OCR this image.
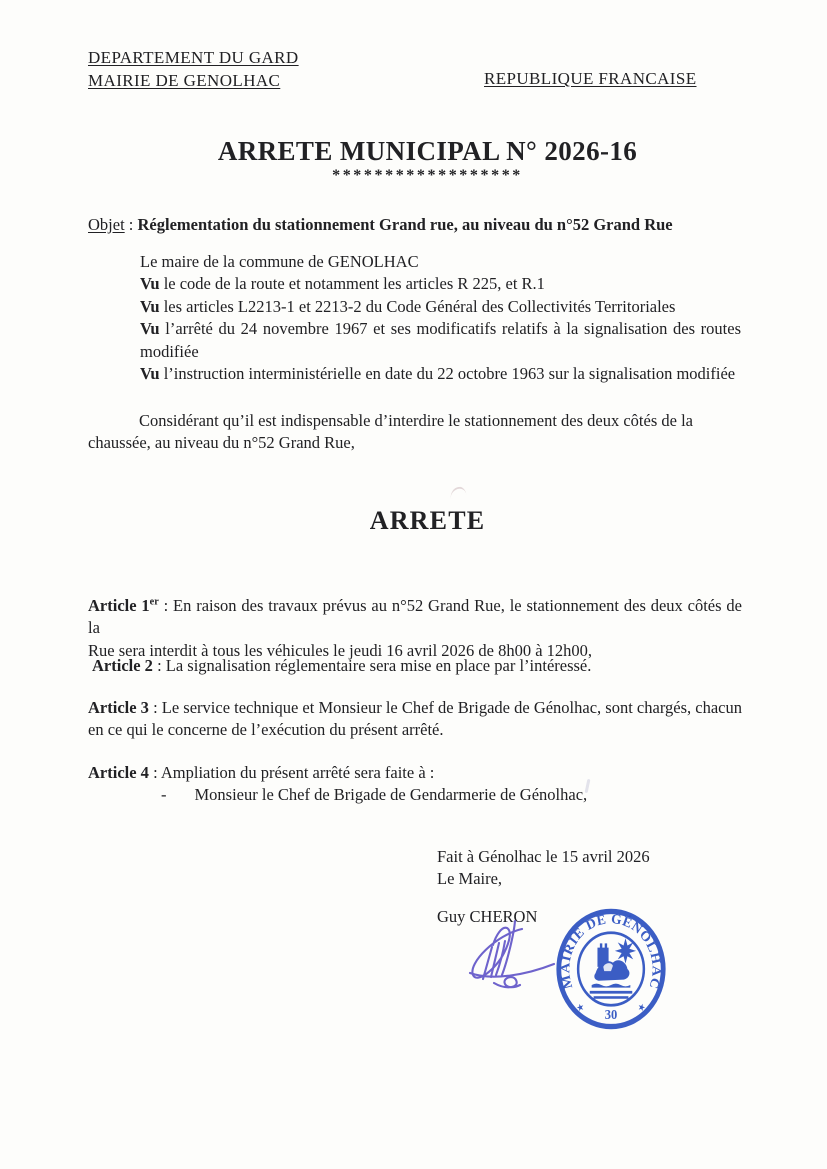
DEPARTEMENT DU GARD
MAIRIE DE GENOLHAC	REPUBLIQUE FRANCAISE
ARRETE MUNICIPAL N° 2026-16
******************
Objet : Réglementation du stationnement Grand rue, au niveau du n°52 Grand Rue
Le maire de la commune de GENOLHAC
Vu le code de la route et notamment les articles R 225, et R.1
Vu les articles L2213-1 et 2213-2 du Code Général des Collectivités Territoriales
Vu l’arrêté du 24 novembre 1967 et ses modificatifs relatifs à la signalisation des routes
modifiée
Vu l’instruction interministérielle en date du 22 octobre 1963 sur la signalisation modifiée
Considérant qu’il est indispensable d’interdire le stationnement des deux côtés de la
chaussée, au niveau du n°52 Grand Rue,
ARRETE
Article 1er : En raison des travaux prévus au n°52 Grand Rue, le stationnement des deux côtés de la
Rue sera interdit à tous les véhicules le jeudi 16 avril 2026 de 8h00 à 12h00,
Article 2 : La signalisation réglementaire sera mise en place par l’intéressé.
Article 3 : Le service technique et Monsieur le Chef de Brigade de Génolhac, sont chargés, chacun
en ce qui le concerne de l’exécution du présent arrêté.
Article 4 : Ampliation du présent arrêté sera faite à :
- Monsieur le Chef de Brigade de Gendarmerie de Génolhac,
Fait à Génolhac le 15 avril 2026
Le Maire,
Guy CHERON
MAIRIE DE GÉNOLHAC
30
★	★
